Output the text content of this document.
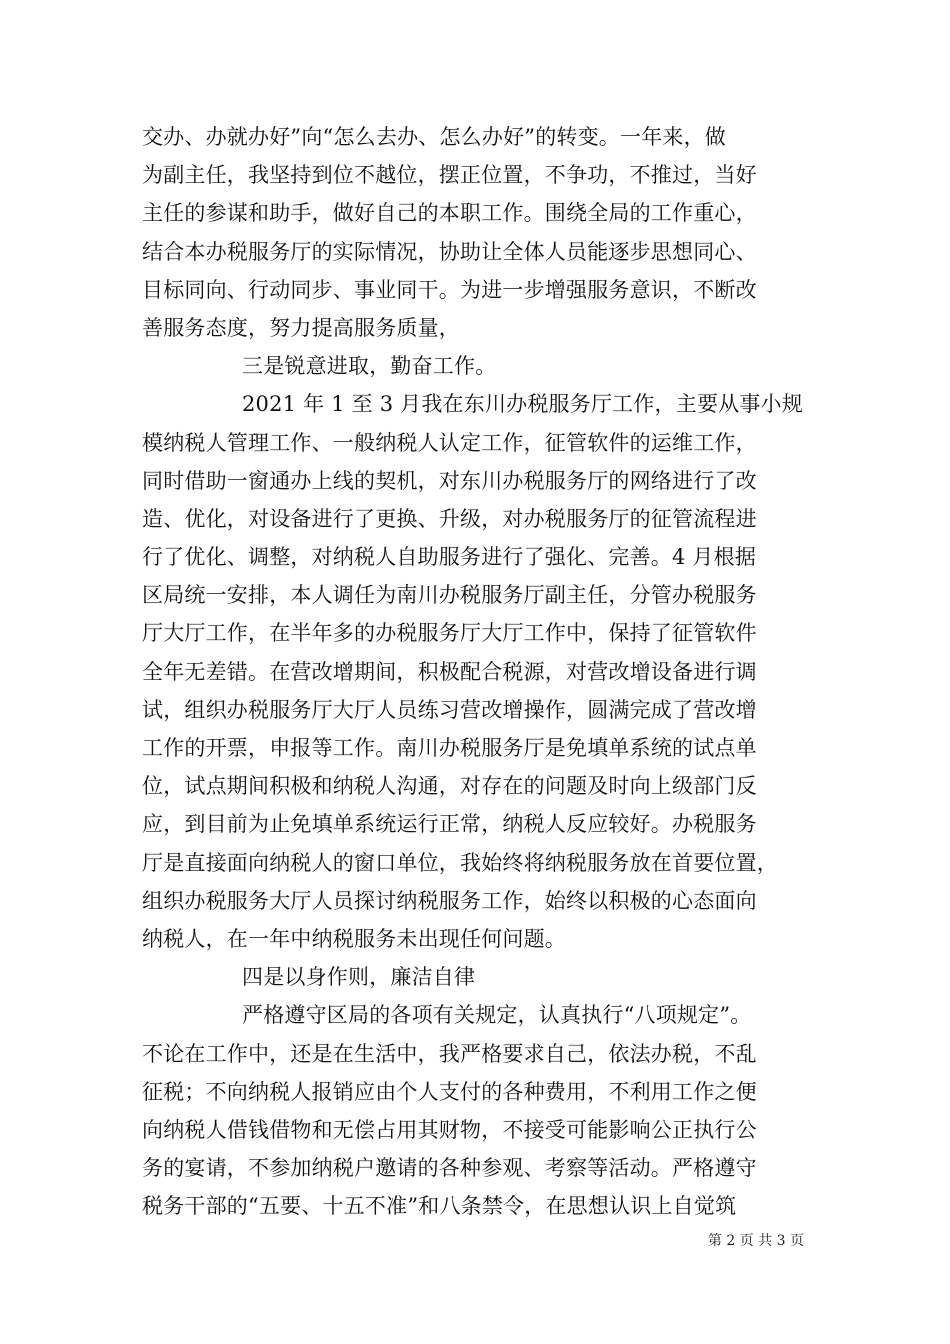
交办、办就办好”向“怎么去办、怎么办好”的转变。一年来，做
为副主任，我坚持到位不越位，摆正位置，不争功，不推过，当好
主任的参谋和助手，做好自己的本职工作。围绕全局的工作重心，
结合本办税服务厅的实际情况，协助让全体人员能逐步思想同心、
目标同向、行动同步、事业同干。为进一步增强服务意识，不断改
善服务态度，努力提高服务质量，
三是锐意进取，勤奋工作。
2021 年 1 至 3 月我在东川办税服务厅工作，主要从事小规
模纳税人管理工作、一般纳税人认定工作，征管软件的运维工作，
同时借助一窗通办上线的契机，对东川办税服务厅的网络进行了改
造、优化，对设备进行了更换、升级，对办税服务厅的征管流程进
行了优化、调整，对纳税人自助服务进行了强化、完善。4 月根据
区局统一安排，本人调任为南川办税服务厅副主任，分管办税服务
厅大厅工作，在半年多的办税服务厅大厅工作中，保持了征管软件
全年无差错。在营改增期间，积极配合税源，对营改增设备进行调
试，组织办税服务厅大厅人员练习营改增操作，圆满完成了营改增
工作的开票，申报等工作。南川办税服务厅是免填单系统的试点单
位，试点期间积极和纳税人沟通，对存在的问题及时向上级部门反
应，到目前为止免填单系统运行正常，纳税人反应较好。办税服务
厅是直接面向纳税人的窗口单位，我始终将纳税服务放在首要位置，
组织办税服务大厅人员探讨纳税服务工作，始终以积极的心态面向
纳税人，在一年中纳税服务未出现任何问题。
四是以身作则，廉洁自律
严格遵守区局的各项有关规定，认真执行“八项规定”。
不论在工作中，还是在生活中，我严格要求自己，依法办税，不乱
征税；不向纳税人报销应由个人支付的各种费用，不利用工作之便
向纳税人借钱借物和无偿占用其财物，不接受可能影响公正执行公
务的宴请，不参加纳税户邀请的各种参观、考察等活动。严格遵守
税务干部的“五要、十五不准”和八条禁令，在思想认识上自觉筑
第 2 页 共 3 页
